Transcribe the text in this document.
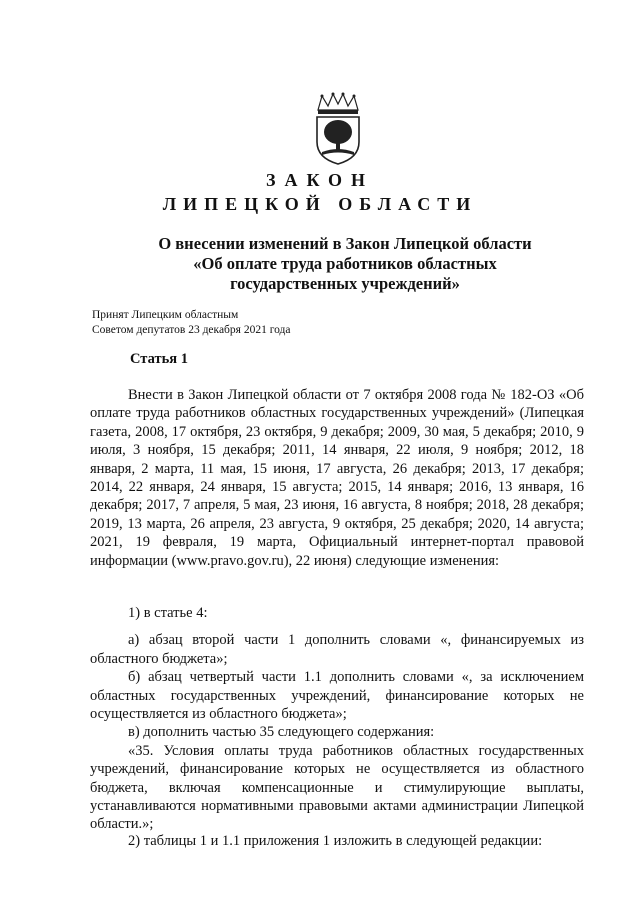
ЗАКОН
ЛИПЕЦКОЙ ОБЛАСТИ
О внесении изменений в Закон Липецкой области
«Об оплате труда работников областных
государственных учреждений»
Принят Липецким областным
Советом депутатов 23 декабря 2021 года
Статья 1

Внести в Закон Липецкой области от 7 октября 2008 года № 182-ОЗ «Об оплате труда работников областных государственных учреждений» (Липецкая газета, 2008, 17 октября, 23 октября, 9 декабря; 2009, 30 мая, 5 декабря; 2010, 9 июля, 3 ноября, 15 декабря; 2011, 14 января, 22 июля, 9 ноября; 2012, 18 января, 2 марта, 11 мая, 15 июня, 17 августа, 26 декабря; 2013, 17 декабря; 2014, 22 января, 24 января, 15 августа; 2015, 14 января; 2016, 13 января, 16 декабря; 2017, 7 апреля, 5 мая, 23 июня, 16 августа, 8 ноября; 2018, 28 декабря; 2019, 13 марта, 26 апреля, 23 августа, 9 октября, 25 декабря; 2020, 14 августа; 2021, 19 февраля, 19 марта, Официальный интернет-портал правовой информации (www.pravo.gov.ru), 22 июня) следующие изменения:

1) в статье 4:

а) абзац второй части 1 дополнить словами «, финансируемых из областного бюджета»;

б) абзац четвертый части 1.1 дополнить словами «, за исключением областных государственных учреждений, финансирование которых не осуществляется из областного бюджета»;

в) дополнить частью 35 следующего содержания:

«35. Условия оплаты труда работников областных государственных учреждений, финансирование которых не осуществляется из областного бюджета, включая компенсационные и стимулирующие выплаты, устанавливаются нормативными правовыми актами администрации Липецкой области.»;

2) таблицы 1 и 1.1 приложения 1 изложить в следующей редакции:
